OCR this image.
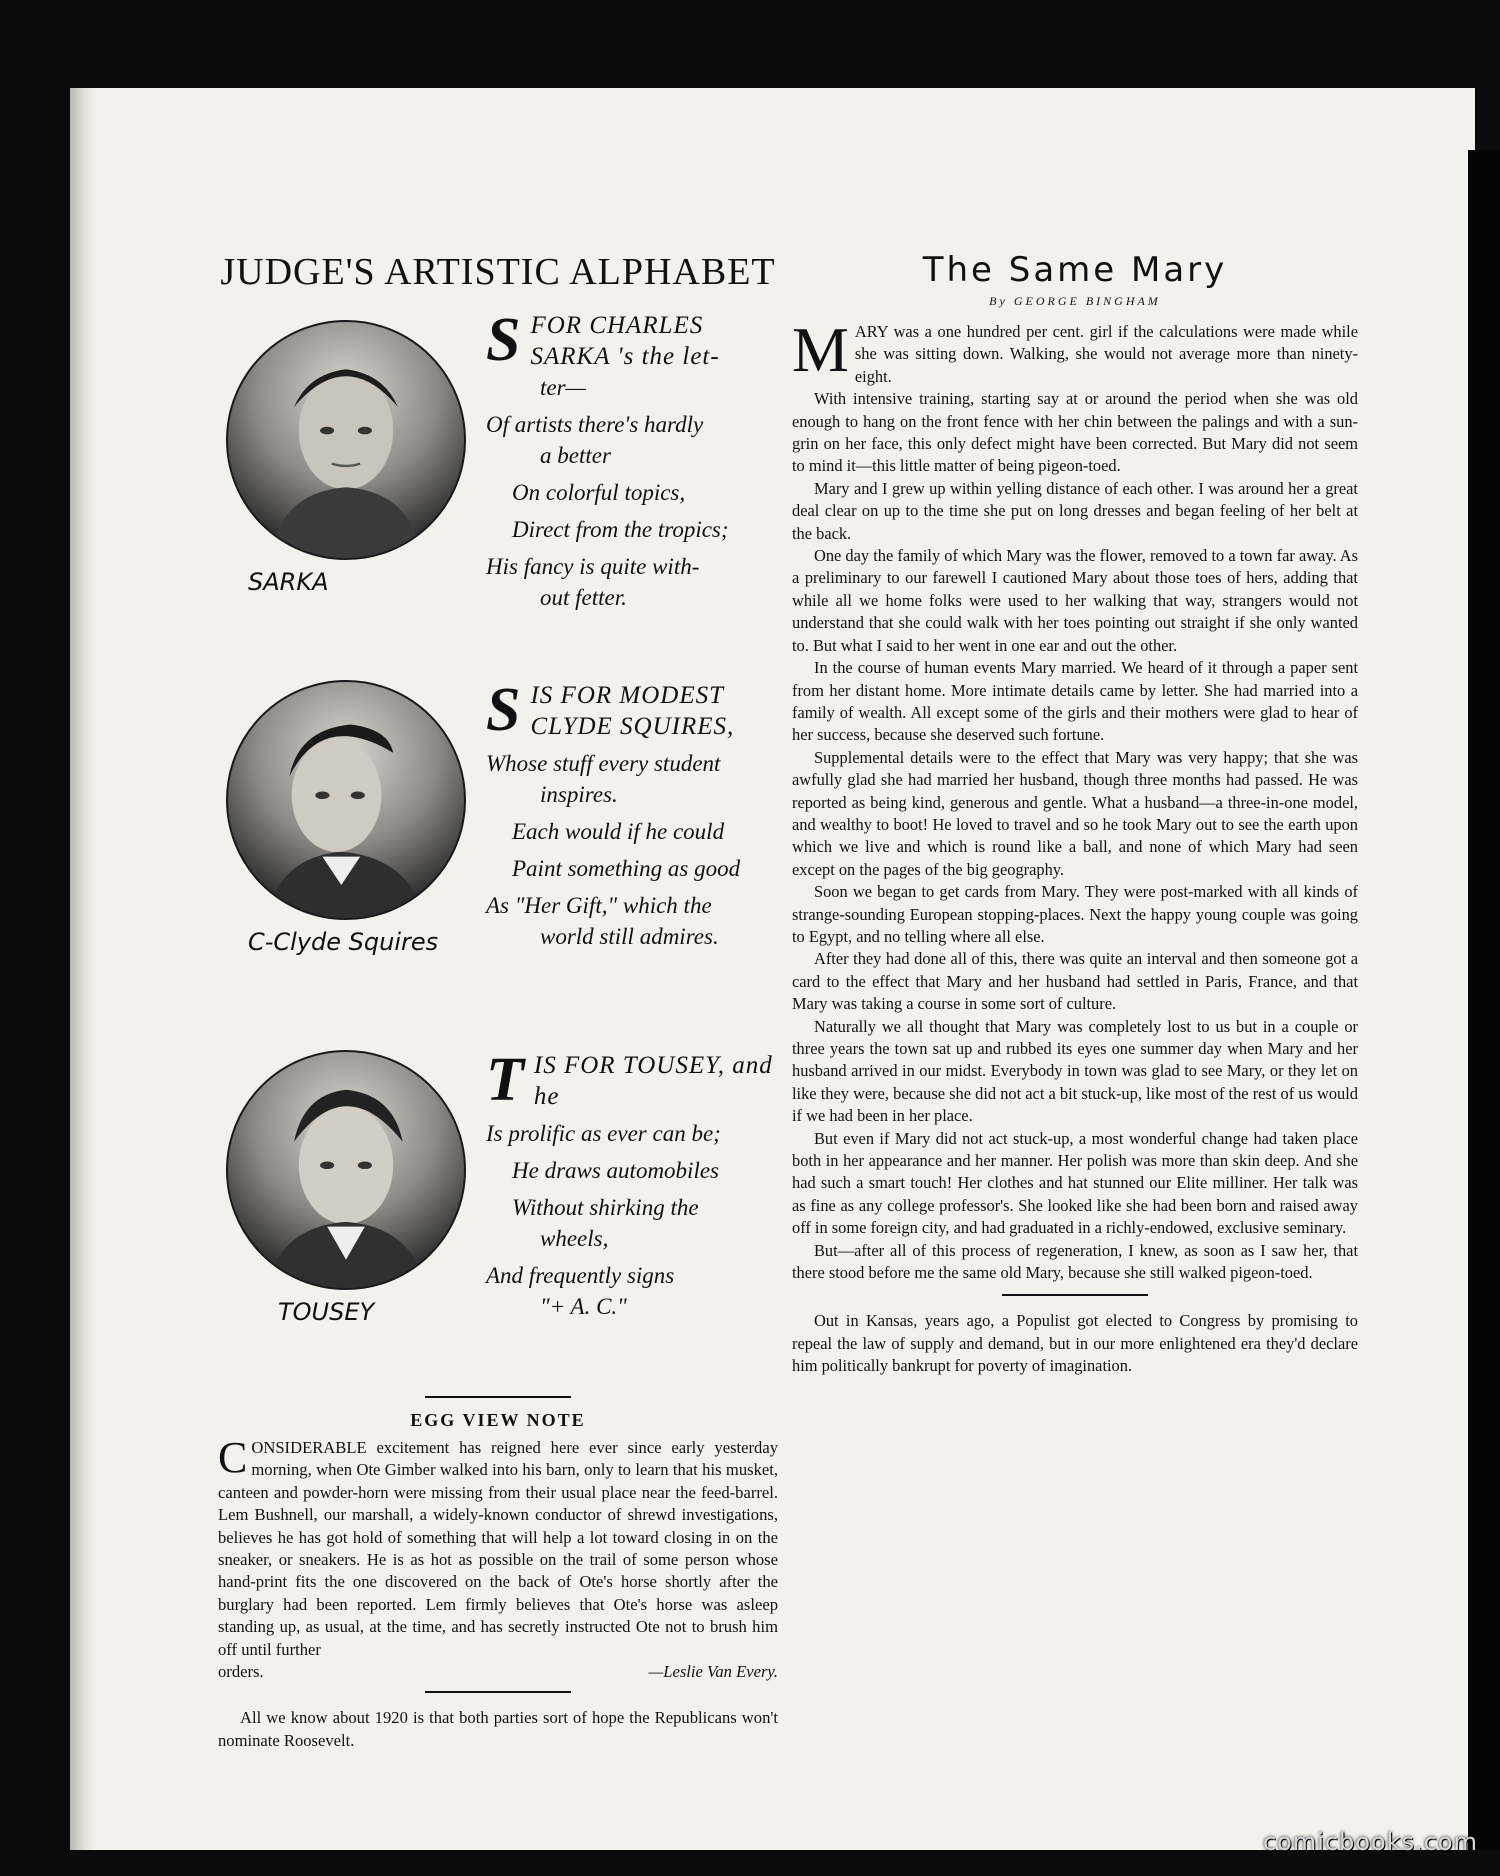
JUDGE'S ARTISTIC ALPHABET
SARKA
S FOR CHARLES SARKA 's the let-
ter—
Of artists there's hardly
a better
On colorful topics,
Direct from the tropics;
His fancy is quite with-
out fetter.
C-Clyde Squires
S IS FOR MODEST CLYDE SQUIRES,
Whose stuff every student
inspires.
Each would if he could
Paint something as good
As "Her Gift," which the
world still admires.
TOUSEY
T IS FOR TOUSEY, and he
Is prolific as ever can be;
He draws automobiles
Without shirking the
wheels,
And frequently signs
"+ A. C."
EGG VIEW NOTE

CONSIDERABLE excitement has reigned here ever since early yesterday morning, when Ote Gimber walked into his barn, only to learn that his musket, canteen and powder-horn were missing from their usual place near the feed-barrel. Lem Bushnell, our marshall, a widely-known conductor of shrewd investigations, believes he has got hold of something that will help a lot toward closing in on the sneaker, or sneakers. He is as hot as possible on the trail of some person whose hand-print fits the one discovered on the back of Ote's horse shortly after the burglary had been reported. Lem firmly believes that Ote's horse was asleep standing up, as usual, at the time, and has secretly instructed Ote not to brush him off until further

orders.	—Leslie Van Every.

All we know about 1920 is that both parties sort of hope the Republicans won't nominate Roosevelt.

The Same Mary
By GEORGE BINGHAM

MARY was a one hundred per cent. girl if the calculations were made while she was sitting down. Walking, she would not average more than ninety-eight.

With intensive training, starting say at or around the period when she was old enough to hang on the front fence with her chin between the palings and with a sun-grin on her face, this only defect might have been corrected. But Mary did not seem to mind it—this little matter of being pigeon-toed.

Mary and I grew up within yelling distance of each other. I was around her a great deal clear on up to the time she put on long dresses and began feeling of her belt at the back.

One day the family of which Mary was the flower, removed to a town far away. As a preliminary to our farewell I cautioned Mary about those toes of hers, adding that while all we home folks were used to her walking that way, strangers would not understand that she could walk with her toes pointing out straight if she only wanted to. But what I said to her went in one ear and out the other.

In the course of human events Mary married. We heard of it through a paper sent from her distant home. More intimate details came by letter. She had married into a family of wealth. All except some of the girls and their mothers were glad to hear of her success, because she deserved such fortune.

Supplemental details were to the effect that Mary was very happy; that she was awfully glad she had married her husband, though three months had passed. He was reported as being kind, generous and gentle. What a husband—a three-in-one model, and wealthy to boot! He loved to travel and so he took Mary out to see the earth upon which we live and which is round like a ball, and none of which Mary had seen except on the pages of the big geography.

Soon we began to get cards from Mary. They were post-marked with all kinds of strange-sounding European stopping-places. Next the happy young couple was going to Egypt, and no telling where all else.

After they had done all of this, there was quite an interval and then someone got a card to the effect that Mary and her husband had settled in Paris, France, and that Mary was taking a course in some sort of culture.

Naturally we all thought that Mary was completely lost to us but in a couple or three years the town sat up and rubbed its eyes one summer day when Mary and her husband arrived in our midst. Everybody in town was glad to see Mary, or they let on like they were, because she did not act a bit stuck-up, like most of the rest of us would if we had been in her place.

But even if Mary did not act stuck-up, a most wonderful change had taken place both in her appearance and her manner. Her polish was more than skin deep. And she had such a smart touch! Her clothes and hat stunned our Elite milliner. Her talk was as fine as any college professor's. She looked like she had been born and raised away off in some foreign city, and had graduated in a richly-endowed, exclusive seminary.

But—after all of this process of regeneration, I knew, as soon as I saw her, that there stood before me the same old Mary, because she still walked pigeon-toed.

Out in Kansas, years ago, a Populist got elected to Congress by promising to repeal the law of supply and demand, but in our more enlightened era they'd declare him politically bankrupt for poverty of imagination.

comicbooks.com
